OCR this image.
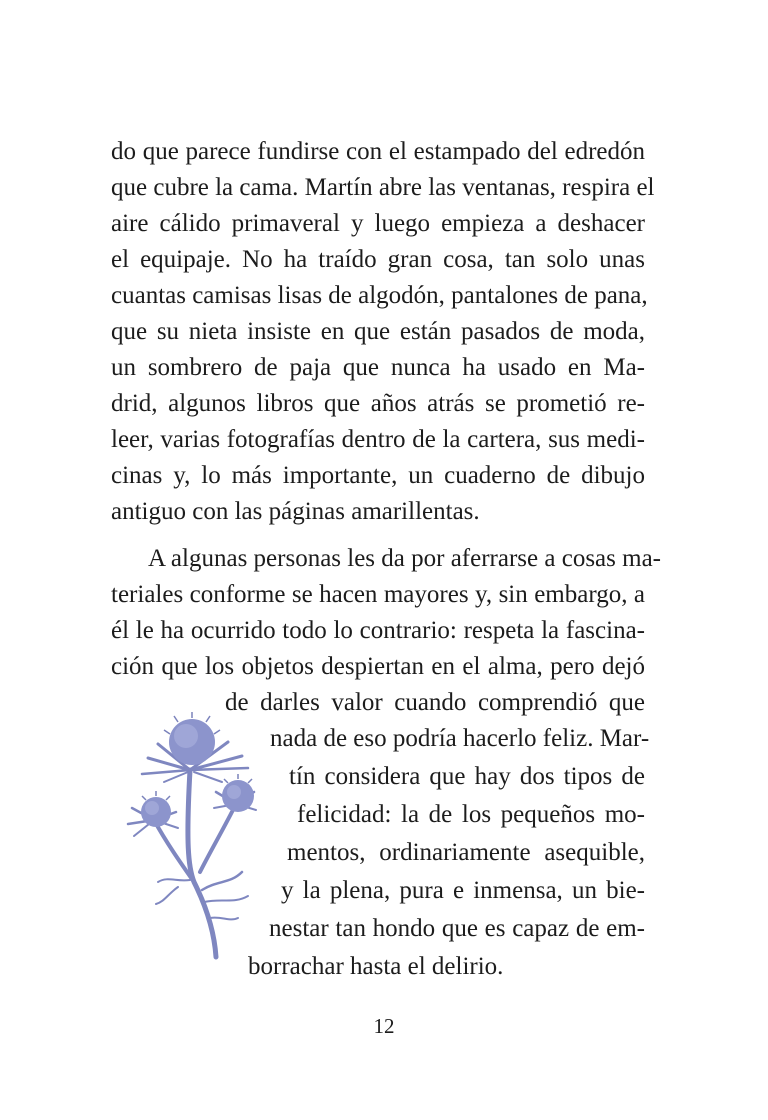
do que parece fundirse con el estampado del edredón
que cubre la cama. Martín abre las ventanas, respira el
aire cálido primaveral y luego empieza a deshacer
el equipaje. No ha traído gran cosa, tan solo unas
cuantas camisas lisas de algodón, pantalones de pana,
que su nieta insiste en que están pasados de moda,
un sombrero de paja que nunca ha usado en Ma-
drid, algunos libros que años atrás se prometió re-
leer, varias fotografías dentro de la cartera, sus medi-
cinas y, lo más importante, un cuaderno de dibujo
antiguo con las páginas amarillentas.
A algunas personas les da por aferrarse a cosas ma-
teriales conforme se hacen mayores y, sin embargo, a
él le ha ocurrido todo lo contrario: respeta la fascina-
ción que los objetos despiertan en el alma, pero dejó
de darles valor cuando comprendió que
nada de eso podría hacerlo feliz. Mar-
tín considera que hay dos tipos de
felicidad: la de los pequeños mo-
mentos, ordinariamente asequible,
y la plena, pura e inmensa, un bie-
nestar tan hondo que es capaz de em-
borrachar hasta el delirio.
12
